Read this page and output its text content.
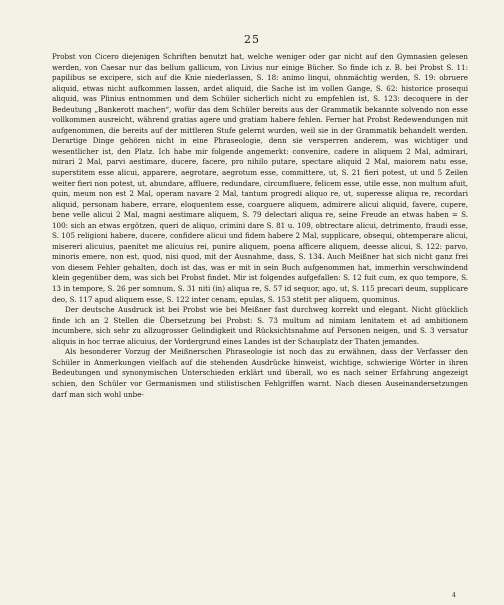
25

Probst von Cicero diejenigen Schriften benutzt hat, welche weniger oder gar nicht auf den Gymnasien gelesen werden, von Caesar nur das bellum gallicum, von Livius nur einige Bücher. So finde ich z. B. bei Probst S. 11: papilibus se excipere, sich auf die Knie niederlassen, S. 18: animo linqui, ohnmächtig werden, S. 19: obruere aliquid, etwas nicht aufkommen lassen, ardet aliquid, die Sache ist im vollen Gange, S. 62: historice prosequi aliquid, was Plinius entnommen und dem Schüler sicherlich nicht zu empfehlen ist, S. 123: decoquere in der Bedeutung „Bankerott machen“, wofür das dem Schüler bereits aus der Grammatik bekannte solvendo non esse vollkommen ausreicht, während gratias agere und gratiam habere fehlen. Ferner hat Probst Redewendungen mit aufgenommen, die bereits auf der mittleren Stufe gelernt wurden, weil sie in der Grammatik behandelt werden. Derartige Dinge gehören nicht in eine Phraseologie, denn sie versperren anderem, was wichtiger und wesentlicher ist, den Platz. Ich habe mir folgende angemerkt: convenire, cadere in aliquem 2 Mal, admirari, mirari 2 Mal, parvi aestimare, ducere, facere, pro nihilo putare, spectare aliquid 2 Mal, maiorem natu esse, superstitem esse alicui, apparere, aegrotare, aegrotum esse, committere, ut, S. 21 fieri potest, ut und 5 Zeilen weiter fieri non potest, ut, abundare, affluere, redundare, circumfluere, felicem esse, utile esse, non multum afuit, quin, meum non est 2 Mal, operam navare 2 Mal, tantum progredi aliquo re, ut, superesse aliqua re, recordari aliquid, personam habere, errare, eloquentem esse, coarguere aliquem, admirere alicui aliquid, favere, cupere, bene velle alicui 2 Mal, magni aestimare aliquem, S. 79 delectari aliqua re, seine Freude an etwas haben = S. 100: sich an etwas ergötzen, queri de aliquo, crimini dare S. 81 u. 109, obtrectare alicui, detrimento, fraudi esse, S. 105 religioni habere, ducere, confidere alicui und fidem habere 2 Mal, supplicare, obsequi, obtemperare alicui, misereri alicuius, paenitet me alicuius rei, punire aliquem, poena afficere aliquem, deesse alicui, S. 122: parvo, minoris emere, non est, quod, nisi quod, mit der Ausnahme, dass, S. 134. Auch Meißner hat sich nicht ganz frei von diesem Fehler gehalten, doch ist das, was er mit in sein Buch aufgenommen hat, immerhin verschwindend klein gegenüber dem, was sich bei Probst findet. Mir ist folgendes aufgefallen: S. 12 fuit cum, ex quo tempore, S. 13 in tempore, S. 26 per somnum, S. 31 niti (in) aliqua re, S. 57 id sequor, ago, ut, S. 115 precari deum, supplicare deo, S. 117 apud aliquem esse, S. 122 inter cenam, epulas, S. 153 stetit per aliquem, quominus.

Der deutsche Ausdruck ist bei Probst wie bei Meißner fast durchweg korrekt und elegant. Nicht glücklich finde ich an 2 Stellen die Übersetzung bei Probst: S. 73 multum ad nimiam lenitatem et ad ambitionem incumbere, sich sehr zu allzugrosser Gelindigkeit und Rücksichtsnahme auf Personen neigen, und S. 3 versatur aliquis in hoc terrae alicuius, der Vordergrund eines Landes ist der Schauplatz der Thaten jemandes.

Als besonderer Vorzug der Meißnerschen Phraseologie ist noch das zu erwähnen, dass der Verfasser den Schüler in Anmerkungen vielfach auf die stehenden Ausdrücke hinweist, wichtige, schwierige Wörter in ihren Bedeutungen und synonymischen Unterschieden erklärt und überall, wo es nach seiner Erfahrung angezeigt schien, den Schüler vor Germanismen und stilistischen Fehlgriffen warnt. Nach diesen Auseinandersetzungen darf man sich wohl unbe-

4
